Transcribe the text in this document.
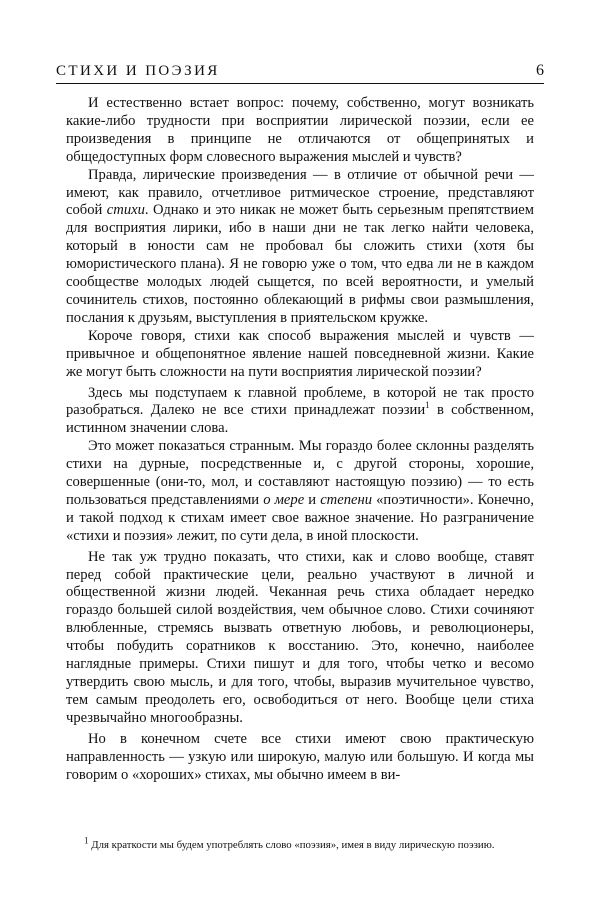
СТИХИ И ПОЭЗИЯ	6

И естественно встает вопрос: почему, собственно, могут возникать какие-либо трудности при восприятии лирической поэзии, если ее произведения в принципе не отличаются от общепринятых и общедоступных форм словесного выражения мыслей и чувств?

Правда, лирические произведения — в отличие от обычной речи — имеют, как правило, отчетливое ритмическое строение, представляют собой стихи. Однако и это никак не может быть серьезным препятствием для восприятия лирики, ибо в наши дни не так легко найти человека, который в юности сам не пробовал бы сложить стихи (хотя бы юмористического плана). Я не говорю уже о том, что едва ли не в каждом сообществе молодых людей сыщется, по всей вероятности, и умелый сочинитель стихов, постоянно облекающий в рифмы свои размышления, послания к друзьям, выступления в приятельском кружке.

Короче говоря, стихи как способ выражения мыслей и чувств — привычное и общепонятное явление нашей повседневной жизни. Какие же могут быть сложности на пути восприятия лирической поэзии?

Здесь мы подступаем к главной проблеме, в которой не так просто разобраться. Далеко не все стихи принадлежат поэзии$^1$ в собственном, истинном значении слова.

Это может показаться странным. Мы гораздо более склонны разделять стихи на дурные, посредственные и, с другой стороны, хорошие, совершенные (они-то, мол, и составляют настоящую поэзию) — то есть пользоваться представлениями о мере и степени «поэтичности». Конечно, и такой подход к стихам имеет свое важное значение. Но разграничение «стихи и поэзия» лежит, по сути дела, в иной плоскости.

Не так уж трудно показать, что стихи, как и слово вообще, ставят перед собой практические цели, реально участвуют в личной и общественной жизни людей. Чеканная речь стиха обладает нередко гораздо большей силой воздействия, чем обычное слово. Стихи сочиняют влюбленные, стремясь вызвать ответную любовь, и революционеры, чтобы побудить соратников к восстанию. Это, конечно, наиболее наглядные примеры. Стихи пишут и для того, чтобы четко и весомо утвердить свою мысль, и для того, чтобы, выразив мучительное чувство, тем самым преодолеть его, освободиться от него. Вообще цели стиха чрезвычайно многообразны.

Но в конечном счете все стихи имеют свою практическую направленность — узкую или широкую, малую или большую. И когда мы говорим о «хороших» стихах, мы обычно имеем в ви-

$^1$ Для краткости мы будем употреблять слово «поэзия», имея в виду лирическую поэзию.
